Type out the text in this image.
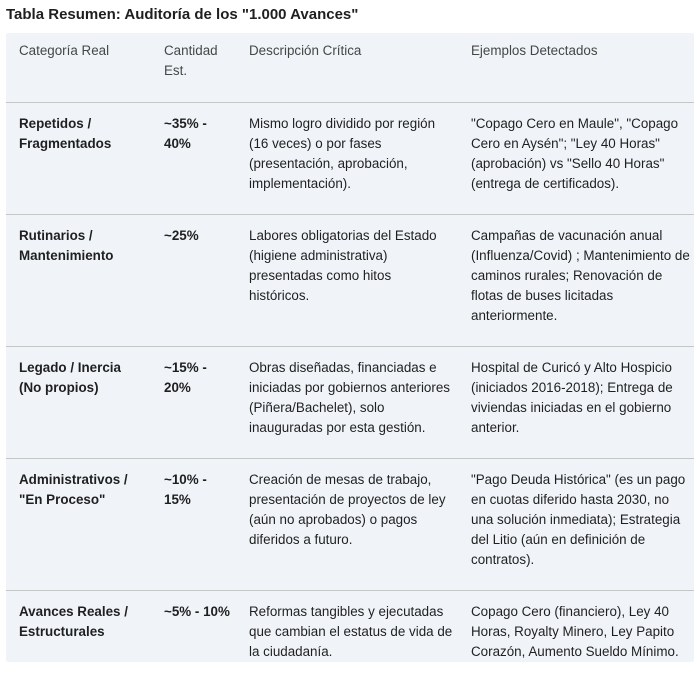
Tabla Resumen: Auditoría de los "1.000 Avances"
Categoría Real	Cantidad Est.	Descripción Crítica	Ejemplos Detectados
Repetidos / Fragmentados	~35% - 40%	Mismo logro dividido por región (16 veces) o por fases (presentación, aprobación, implementación).	"Copago Cero en Maule", "Copago Cero en Aysén"; "Ley 40 Horas" (aprobación) vs "Sello 40 Horas" (entrega de certificados).
Rutinarios / Mantenimiento	~25%	Labores obligatorias del Estado (higiene administrativa) presentadas como hitos históricos.	Campañas de vacunación anual (Influenza/Covid) ; Mantenimiento de caminos rurales; Renovación de flotas de buses licitadas anteriormente.
Legado / Inercia (No propios)	~15% - 20%	Obras diseñadas, financiadas e iniciadas por gobiernos anteriores (Piñera/Bachelet), solo inauguradas por esta gestión.	Hospital de Curicó y Alto Hospicio (iniciados 2016-2018); Entrega de viviendas iniciadas en el gobierno anterior.
Administrativos / "En Proceso"	~10% - 15%	Creación de mesas de trabajo, presentación de proyectos de ley (aún no aprobados) o pagos diferidos a futuro.	"Pago Deuda Histórica" (es un pago en cuotas diferido hasta 2030, no una solución inmediata); Estrategia del Litio (aún en definición de contratos).
Avances Reales / Estructurales	~5% - 10%	Reformas tangibles y ejecutadas que cambian el estatus de vida de la ciudadanía.	Copago Cero (financiero), Ley 40 Horas, Royalty Minero, Ley Papito Corazón, Aumento Sueldo Mínimo.
